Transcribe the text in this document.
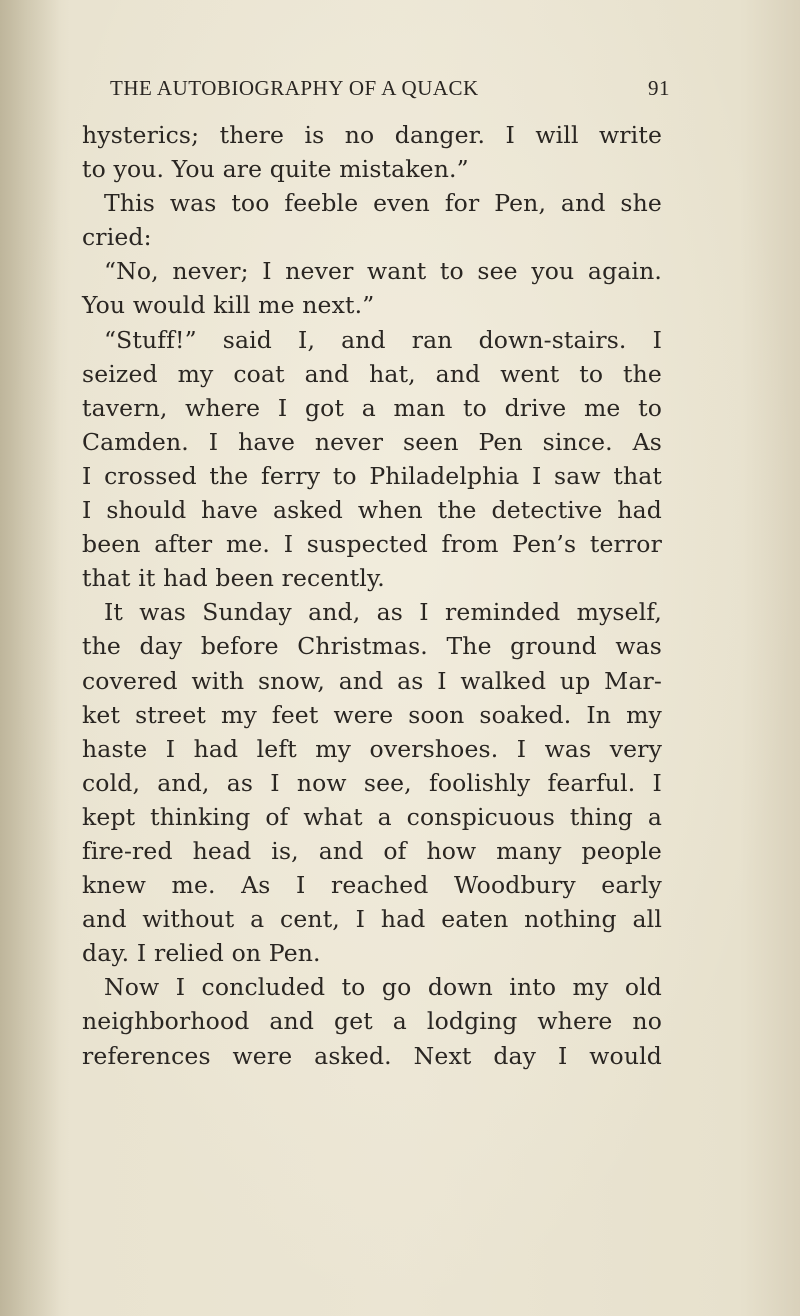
THE AUTOBIOGRAPHY OF A QUACK	91
hysterics; there is no danger. I will write
to you. You are quite mistaken.”
This was too feeble even for Pen, and she
cried:
“No, never; I never want to see you again.
You would kill me next.”
“Stuff!” said I, and ran down-stairs. I
seized my coat and hat, and went to the
tavern, where I got a man to drive me to
Camden. I have never seen Pen since. As
I crossed the ferry to Philadelphia I saw that
I should have asked when the detective had
been after me. I suspected from Pen’s terror
that it had been recently.
It was Sunday and, as I reminded myself,
the day before Christmas. The ground was
covered with snow, and as I walked up Mar-
ket street my feet were soon soaked. In my
haste I had left my overshoes. I was very
cold, and, as I now see, foolishly fearful. I
kept thinking of what a conspicuous thing a
fire-red head is, and of how many people
knew me. As I reached Woodbury early
and without a cent, I had eaten nothing all
day. I relied on Pen.
Now I concluded to go down into my old
neighborhood and get a lodging where no
references were asked. Next day I would
